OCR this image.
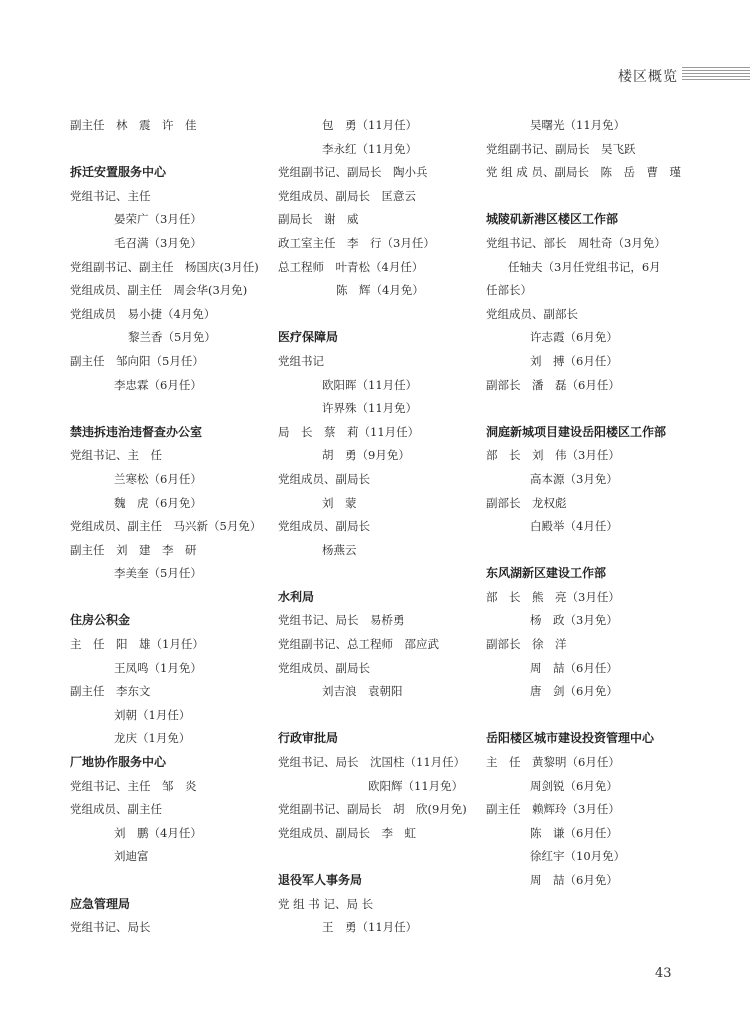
楼区概览
副主任　林　震　许　佳
拆迁安置服务中心
党组书记、主任
晏荣广（3月任）
毛召满（3月免）
党组副书记、副主任　杨国庆(3月任)
党组成员、副主任　周会华(3月免)
党组成员　易小捷（4月免）
黎兰香（5月免）
副主任　邹向阳（5月任）
李忠霖（6月任）
禁违拆违治违督查办公室
党组书记、主　任
兰寒松（6月任）
魏　虎（6月免）
党组成员、副主任　马兴新（5月免）
副主任　刘　建　李　研
李美奎（5月任）
住房公积金
主　任　阳　雄（1月任）
王凤鸣（1月免）
副主任　李东文
刘朝（1月任）
龙庆（1月免）
厂地协作服务中心
党组书记、主任　邹　炎
党组成员、副主任
刘　鹏（4月任）
刘迪富
应急管理局
党组书记、局长
包　勇（11月任）
李永红（11月免）
党组副书记、副局长　陶小兵
党组成员、副局长　匡意云
副局长　谢　威
政工室主任　李　行（3月任）
总工程师　叶青松（4月任）
陈　辉（4月免）
医疗保障局
党组书记
欧阳晖（11月任）
许界殊（11月免）
局　长　蔡　莉（11月任）
胡　勇（9月免）
党组成员、副局长
刘　蒙
党组成员、副局长
杨燕云
水利局
党组书记、局长　易桥勇
党组副书记、总工程师　邵应武
党组成员、副局长
刘吉浪　袁朝阳
行政审批局
党组书记、局长　沈国柱（11月任）
欧阳辉（11月免）
党组副书记、副局长　胡　欣(9月免)
党组成员、副局长　李　虹
退役军人事务局
党 组 书 记、局 长
王　勇（11月任）
吴曙光（11月免）
党组副书记、副局长　吴飞跃
党 组 成 员、副局长　陈　岳　曹　瑾
城陵矶新港区楼区工作部
党组书记、部长　周牡奇（3月免）
任轴夫（3月任党组书记，6月
任部长）
党组成员、副部长
许志霞（6月免）
刘　搏（6月任）
副部长　潘　磊（6月任）
洞庭新城项目建设岳阳楼区工作部
部　长　刘　伟（3月任）
高本源（3月免）
副部长　龙权彪
白殿举（4月任）
东风湖新区建设工作部
部　长　熊　亮（3月任）
杨　政（3月免）
副部长　徐　洋
周　喆（6月任）
唐　剑（6月免）
岳阳楼区城市建设投资管理中心
主　任　黄黎明（6月任）
周剑锐（6月免）
副主任　赖辉玲（3月任）
陈　谦（6月任）
徐红宇（10月免）
周　喆（6月免）
43
